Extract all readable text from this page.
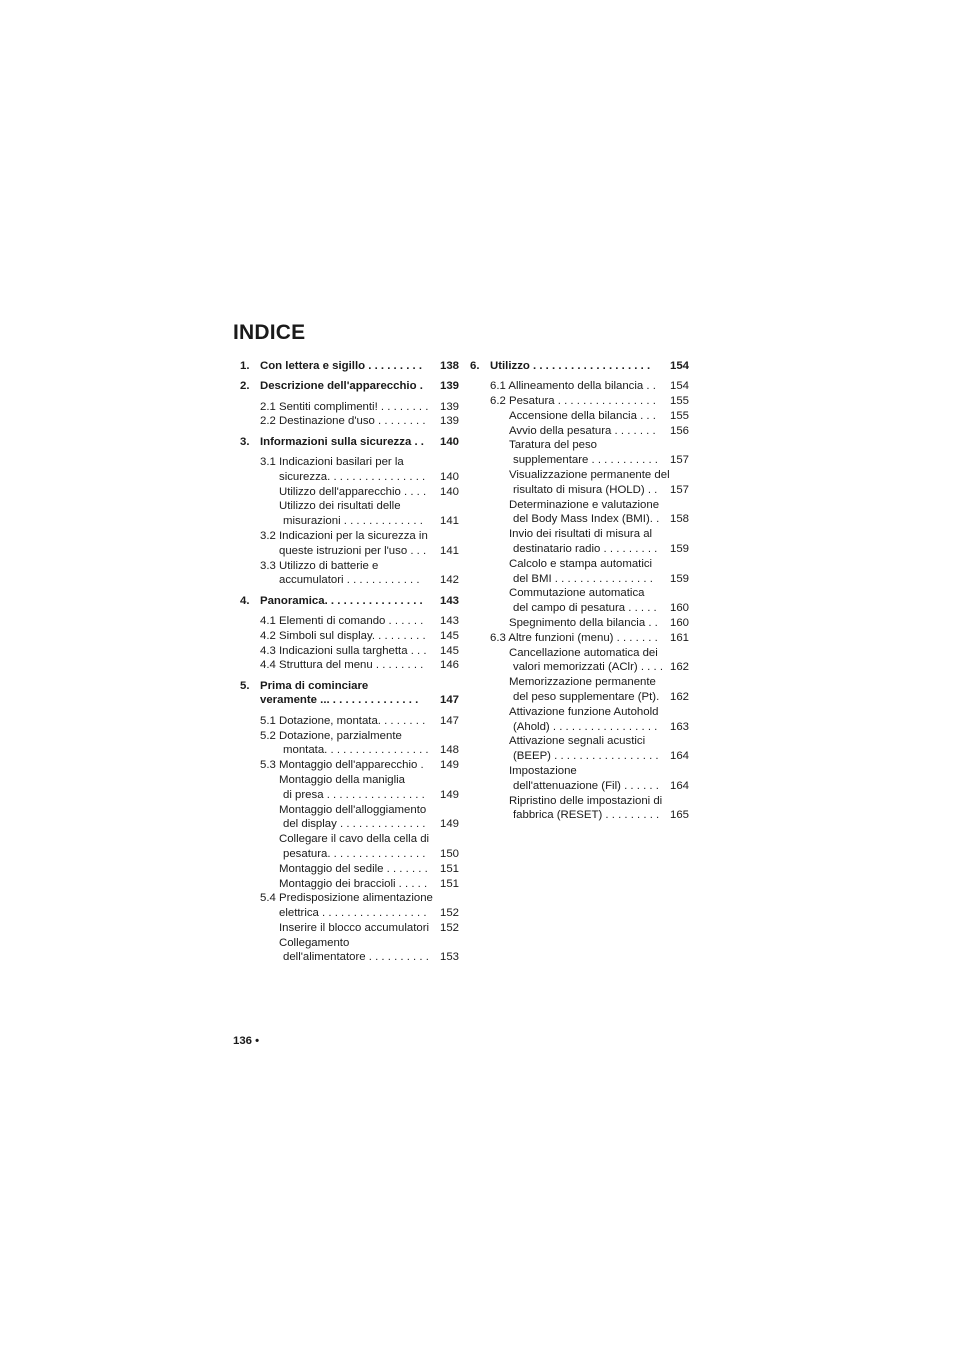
INDICE
1. Con lettera e sigillo . . . . . . . . . 138
2. Descrizione dell'apparecchio . 139
2.1 Sentiti complimenti! . . . . . . . . 139
2.2 Destinazione d'uso . . . . . . . . 139
3. Informazioni sulla sicurezza . . 140
3.1 Indicazioni basilari per la
sicurezza. . . . . . . . . . . . . . . . 140
Utilizzo dell'apparecchio . . . . 140
Utilizzo dei risultati delle
misurazioni . . . . . . . . . . . . . 141
3.2 Indicazioni per la sicurezza in
queste istruzioni per l'uso . . . 141
3.3 Utilizzo di batterie e
accumulatori . . . . . . . . . . . . 142
4. Panoramica. . . . . . . . . . . . . . . . 143
4.1 Elementi di comando . . . . . . 143
4.2 Simboli sul display. . . . . . . . . 145
4.3 Indicazioni sulla targhetta . . . 145
4.4 Struttura del menu . . . . . . . . 146
5. Prima di cominciare
veramente ... . . . . . . . . . . . . . . 147
5.1 Dotazione, montata. . . . . . . . 147
5.2 Dotazione, parzialmente
montata. . . . . . . . . . . . . . . . . 148
5.3 Montaggio dell'apparecchio . 149
Montaggio della maniglia
di presa . . . . . . . . . . . . . . . . 149
Montaggio dell'alloggiamento
del display . . . . . . . . . . . . . . 149
Collegare il cavo della cella di
pesatura. . . . . . . . . . . . . . . . 150
Montaggio del sedile . . . . . . . 151
Montaggio dei braccioli . . . . . 151
5.4 Predisposizione alimentazione
elettrica . . . . . . . . . . . . . . . . . 152
Inserire il blocco accumulatori 152
Collegamento
dell'alimentatore . . . . . . . . . . 153
6. Utilizzo . . . . . . . . . . . . . . . . . . . 154
6.1 Allineamento della bilancia . . 154
6.2 Pesatura . . . . . . . . . . . . . . . . 155
Accensione della bilancia . . . 155
Avvio della pesatura . . . . . . . 156
Taratura del peso
supplementare . . . . . . . . . . . 157
Visualizzazione permanente del
risultato di misura (HOLD) . . 157
Determinazione e valutazione
del Body Mass Index (BMI). . 158
Invio dei risultati di misura al
destinatario radio . . . . . . . . . 159
Calcolo e stampa automatici
del BMI . . . . . . . . . . . . . . . . 159
Commutazione automatica
del campo di pesatura . . . . . 160
Spegnimento della bilancia . . 160
6.3 Altre funzioni (menu) . . . . . . . 161
Cancellazione automatica dei
valori memorizzati (AClr) . . . . 162
Memorizzazione permanente
del peso supplementare (Pt). 162
Attivazione funzione Autohold
(Ahold) . . . . . . . . . . . . . . . . . 163
Attivazione segnali acustici
(BEEP) . . . . . . . . . . . . . . . . . 164
Impostazione
dell'attenuazione (Fil) . . . . . . 164
Ripristino delle impostazioni di
fabbrica (RESET) . . . . . . . . . 165
136 •
